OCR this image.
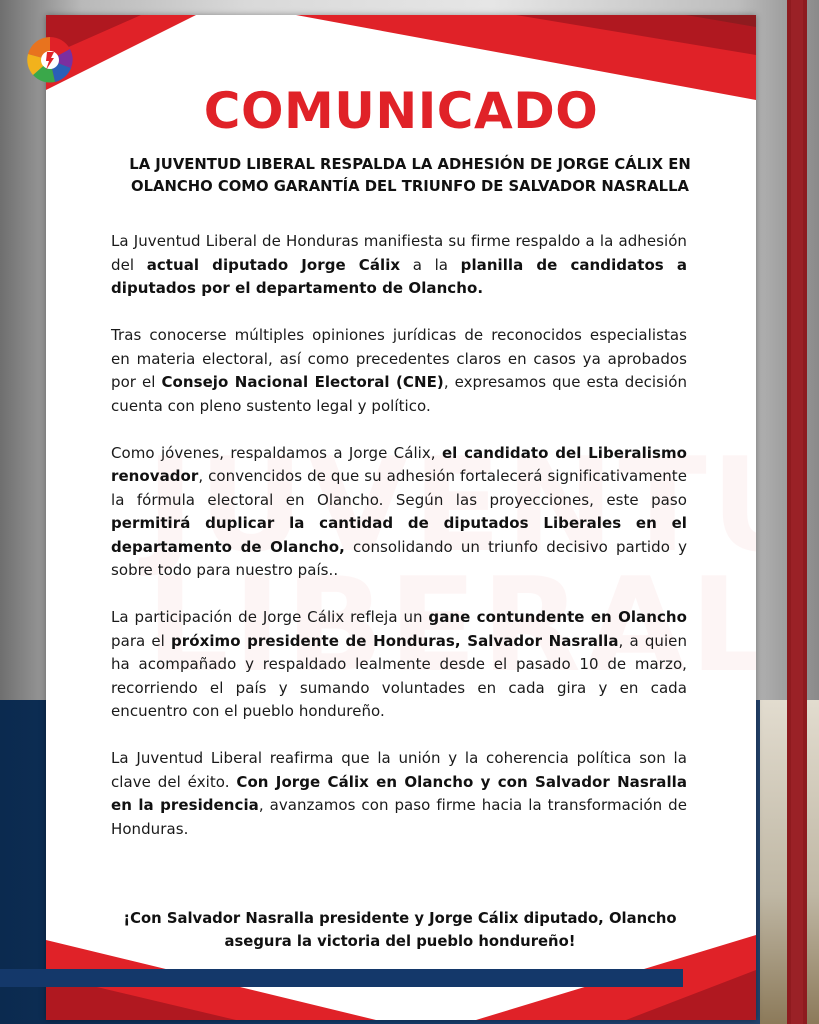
COMUNICADO
LA JUVENTUD LIBERAL RESPALDA LA ADHESIÓN DE JORGE CÁLIX EN OLANCHO COMO GARANTÍA DEL TRIUNFO DE SALVADOR NASRALLA

La Juventud Liberal de Honduras manifiesta su firme respaldo a la adhesión del actual diputado Jorge Cálix a la planilla de candidatos a diputados por el departamento de Olancho.

Tras conocerse múltiples opiniones jurídicas de reconocidos especialistas en materia electoral, así como precedentes claros en casos ya aprobados por el Consejo Nacional Electoral (CNE), expresamos que esta decisión cuenta con pleno sustento legal y político.

Como jóvenes, respaldamos a Jorge Cálix, el candidato del Liberalismo renovador, convencidos de que su adhesión fortalecerá significativamente la fórmula electoral en Olancho. Según las proyecciones, este paso permitirá duplicar la cantidad de diputados Liberales en el departamento de Olancho, consolidando un triunfo decisivo partido y sobre todo para nuestro país..

La participación de Jorge Cálix refleja un gane contundente en Olancho para el próximo presidente de Honduras, Salvador Nasralla, a quien ha acompañado y respaldado lealmente desde el pasado 10 de marzo, recorriendo el país y sumando voluntades en cada gira y en cada encuentro con el pueblo hondureño.

La Juventud Liberal reafirma que la unión y la coherencia política son la clave del éxito. Con Jorge Cálix en Olancho y con Salvador Nasralla en la presidencia, avanzamos con paso firme hacia la transformación de Honduras.

¡Con Salvador Nasralla presidente y Jorge Cálix diputado, Olancho asegura la victoria del pueblo hondureño!
